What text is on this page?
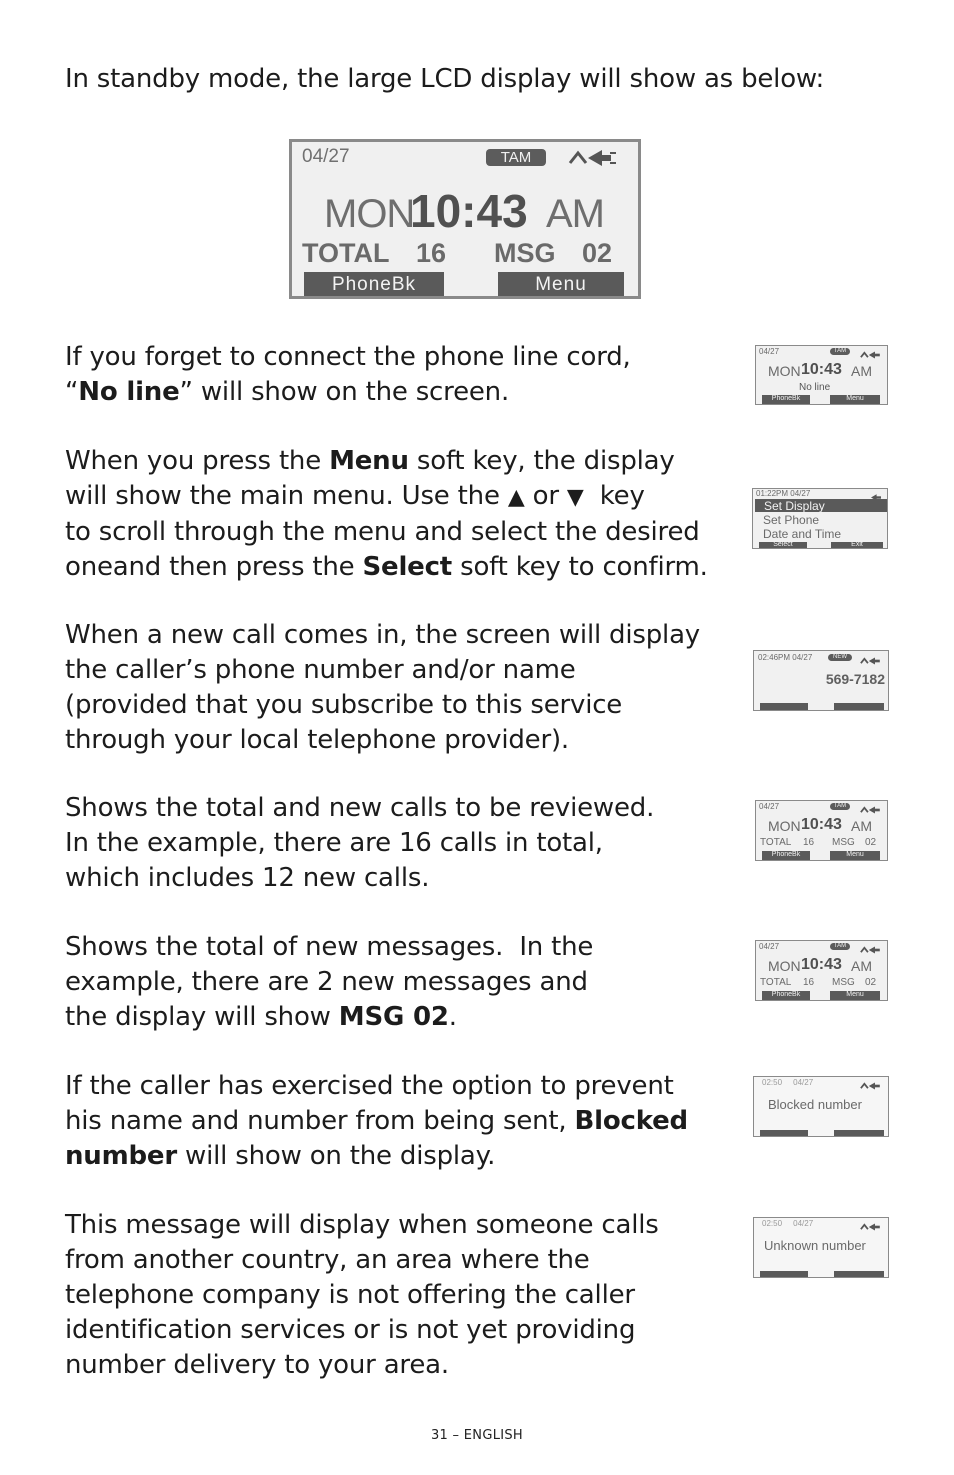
In standby mode, the large LCD display will show as below:

04/27	TAM
MON
10:43 AM
TOTAL 16 MSG 02
PhoneBk	Menu

If you forget to connect the phone line cord,
“No line” will show on the screen.

04/27	TAM
MON 10:43 AM
No line
PhoneBk	Menu

When you press the Menu soft key, the display
will show the main menu. Use the ▲ or ▼  key
to scroll through the menu and select the desired
oneand then press the Select soft key to confirm.

01:22PM 04/27
Set Display
Set Phone
Date and Time
Select	Exit

When a new call comes in, the screen will display
the caller’s phone number and/or name
(provided that you subscribe to this service
through your local telephone provider).

02:46PM 04/27	NEW
569-7182

Shows the total and new calls to be reviewed.
In the example, there are 16 calls in total,
which includes 12 new calls.

04/27	TAM
MON 10:43 AM
TOTAL 16 MSG 02
PhoneBk	Menu

Shows the total of new messages.  In the
example, there are 2 new messages and
the display will show MSG 02.

04/27	TAM
MON 10:43 AM
TOTAL 16 MSG 02
PhoneBk	Menu

If the caller has exercised the option to prevent
his name and number from being sent, Blocked
number will show on the display.

02:50     04/27
Blocked number

This message will display when someone calls
from another country, an area where the
telephone company is not offering the caller
identification services or is not yet providing
number delivery to your area.

02:50     04/27
Unknown number
31 – ENGLISH
